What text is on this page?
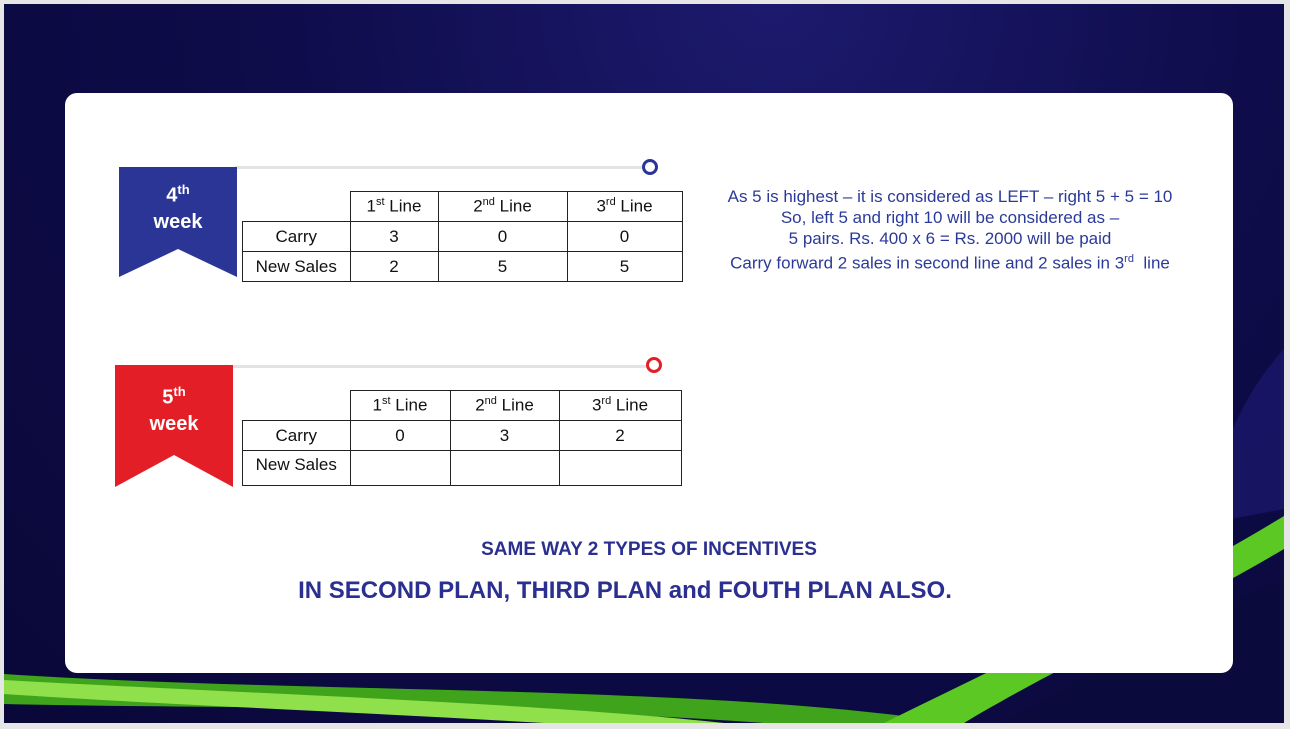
4th
week
	1st Line	2nd Line	3rd Line
Carry	3	0	0
New Sales	2	5	5
As 5 is highest – it is considered as LEFT – right 5 + 5 = 10
So, left 5 and right 10 will be considered as –
5 pairs. Rs. 400 x 6 = Rs. 2000 will be paid
Carry forward 2 sales in second line and 2 sales in 3rd  line
5th
week
	1st Line	2nd Line	3rd Line
Carry	0	3	2
New Sales			
SAME WAY 2 TYPES OF INCENTIVES
IN SECOND PLAN, THIRD PLAN and FOUTH PLAN ALSO.
